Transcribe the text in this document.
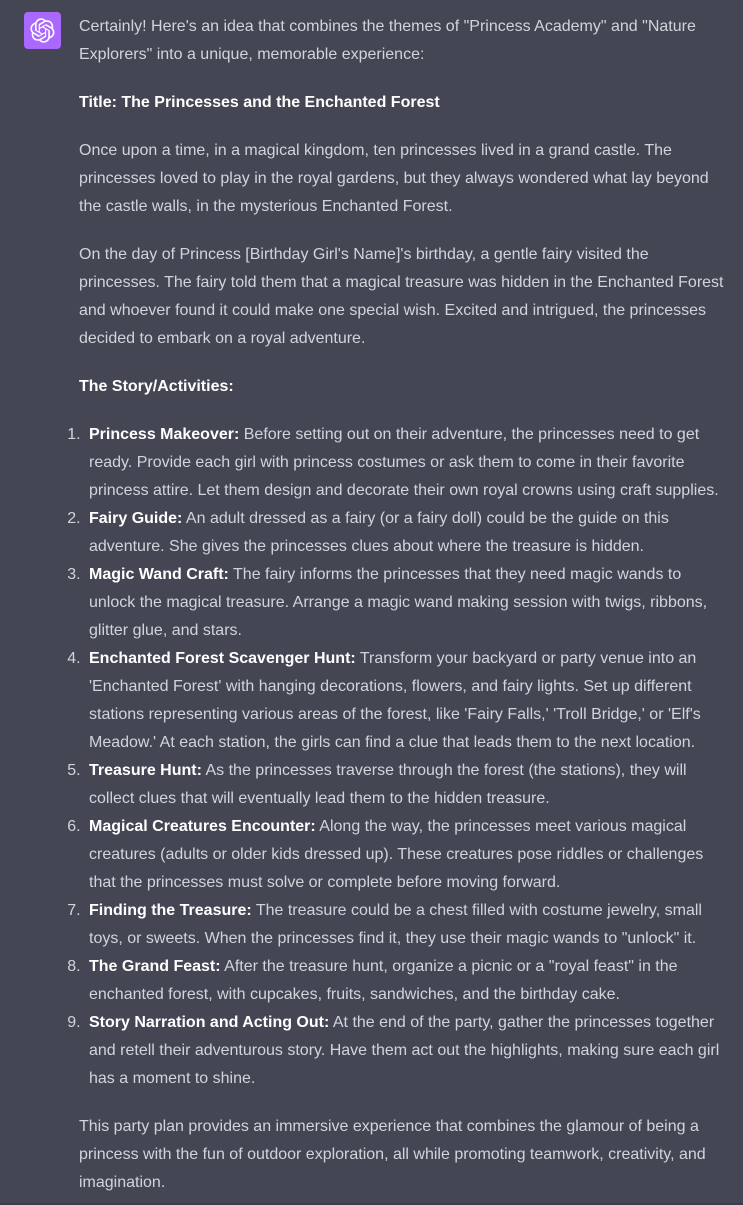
Certainly! Here's an idea that combines the themes of "Princess Academy" and "Nature Explorers" into a unique, memorable experience:

Title: The Princesses and the Enchanted Forest

Once upon a time, in a magical kingdom, ten princesses lived in a grand castle. The princesses loved to play in the royal gardens, but they always wondered what lay beyond the castle walls, in the mysterious Enchanted Forest.

On the day of Princess [Birthday Girl's Name]'s birthday, a gentle fairy visited the princesses. The fairy told them that a magical treasure was hidden in the Enchanted Forest and whoever found it could make one special wish. Excited and intrigued, the princesses decided to embark on a royal adventure.

The Story/Activities:

1. Princess Makeover: Before setting out on their adventure, the princesses need to get ready. Provide each girl with princess costumes or ask them to come in their favorite princess attire. Let them design and decorate their own royal crowns using craft supplies.
2. Fairy Guide: An adult dressed as a fairy (or a fairy doll) could be the guide on this adventure. She gives the princesses clues about where the treasure is hidden.
3. Magic Wand Craft: The fairy informs the princesses that they need magic wands to unlock the magical treasure. Arrange a magic wand making session with twigs, ribbons, glitter glue, and stars.
4. Enchanted Forest Scavenger Hunt: Transform your backyard or party venue into an 'Enchanted Forest' with hanging decorations, flowers, and fairy lights. Set up different stations representing various areas of the forest, like 'Fairy Falls,' 'Troll Bridge,' or 'Elf's Meadow.' At each station, the girls can find a clue that leads them to the next location.
5. Treasure Hunt: As the princesses traverse through the forest (the stations), they will collect clues that will eventually lead them to the hidden treasure.
6. Magical Creatures Encounter: Along the way, the princesses meet various magical creatures (adults or older kids dressed up). These creatures pose riddles or challenges that the princesses must solve or complete before moving forward.
7. Finding the Treasure: The treasure could be a chest filled with costume jewelry, small toys, or sweets. When the princesses find it, they use their magic wands to "unlock" it.
8. The Grand Feast: After the treasure hunt, organize a picnic or a "royal feast" in the enchanted forest, with cupcakes, fruits, sandwiches, and the birthday cake.
9. Story Narration and Acting Out: At the end of the party, gather the princesses together and retell their adventurous story. Have them act out the highlights, making sure each girl has a moment to shine.

This party plan provides an immersive experience that combines the glamour of being a princess with the fun of outdoor exploration, all while promoting teamwork, creativity, and imagination.
